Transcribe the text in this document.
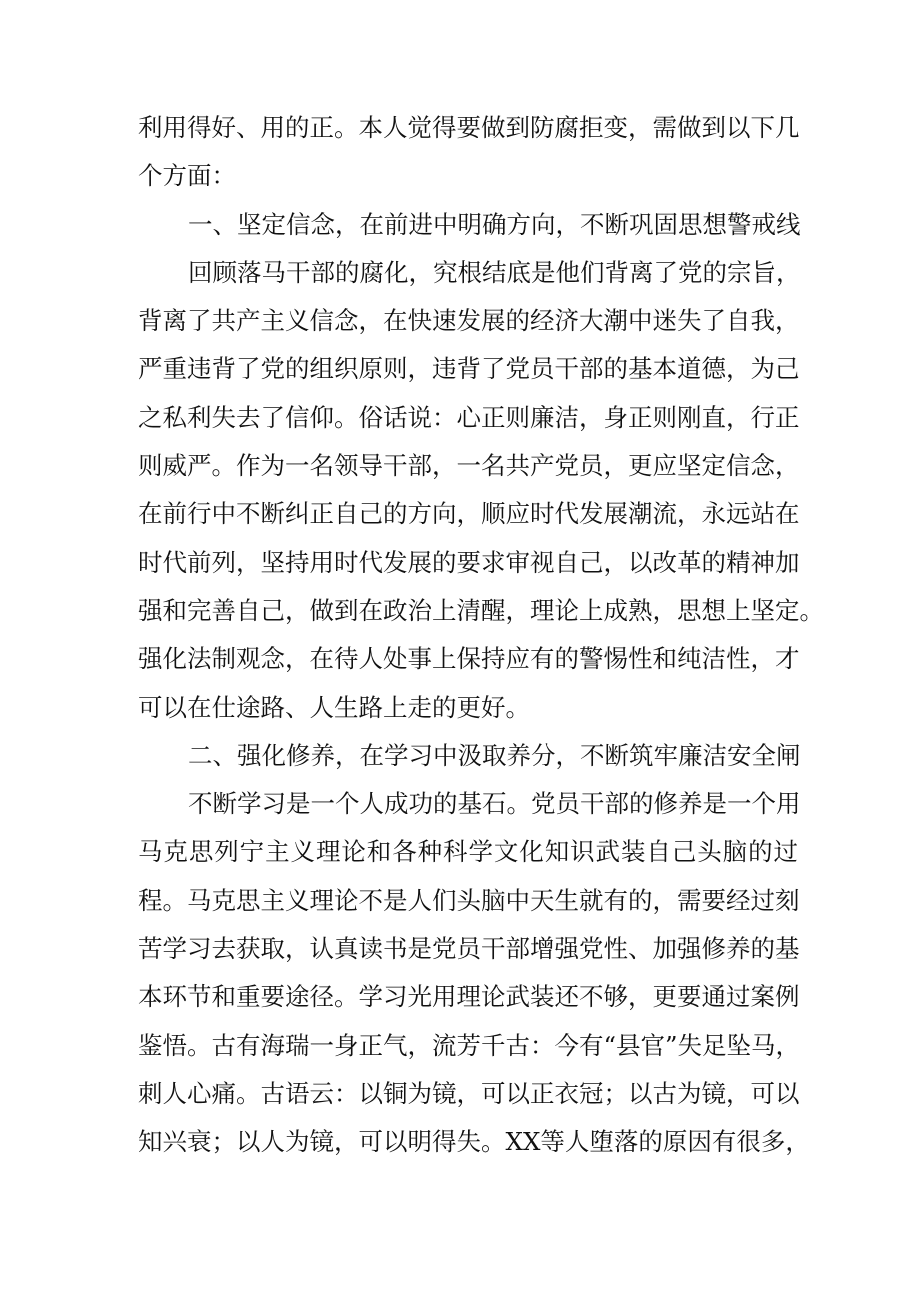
利用得好、用的正。本人觉得要做到防腐拒变，需做到以下几
个方面：
一、坚定信念，在前进中明确方向，不断巩固思想警戒线
回顾落马干部的腐化，究根结底是他们背离了党的宗旨，
背离了共产主义信念，在快速发展的经济大潮中迷失了自我，
严重违背了党的组织原则，违背了党员干部的基本道德，为己
之私利失去了信仰。俗话说：心正则廉洁，身正则刚直，行正
则威严。作为一名领导干部，一名共产党员，更应坚定信念，
在前行中不断纠正自己的方向，顺应时代发展潮流，永远站在
时代前列，坚持用时代发展的要求审视自己，以改革的精神加
强和完善自己，做到在政治上清醒，理论上成熟，思想上坚定。
强化法制观念，在待人处事上保持应有的警惕性和纯洁性，才
可以在仕途路、人生路上走的更好。
二、强化修养，在学习中汲取养分，不断筑牢廉洁安全闸
不断学习是一个人成功的基石。党员干部的修养是一个用
马克思列宁主义理论和各种科学文化知识武装自己头脑的过
程。马克思主义理论不是人们头脑中天生就有的，需要经过刻
苦学习去获取，认真读书是党员干部增强党性、加强修养的基
本环节和重要途径。学习光用理论武装还不够，更要通过案例
鉴悟。古有海瑞一身正气，流芳千古：今有“县官”失足坠马，
刺人心痛。古语云：以铜为镜，可以正衣冠；以古为镜，可以
知兴衰；以人为镜，可以明得失。XX等人堕落的原因有很多，
